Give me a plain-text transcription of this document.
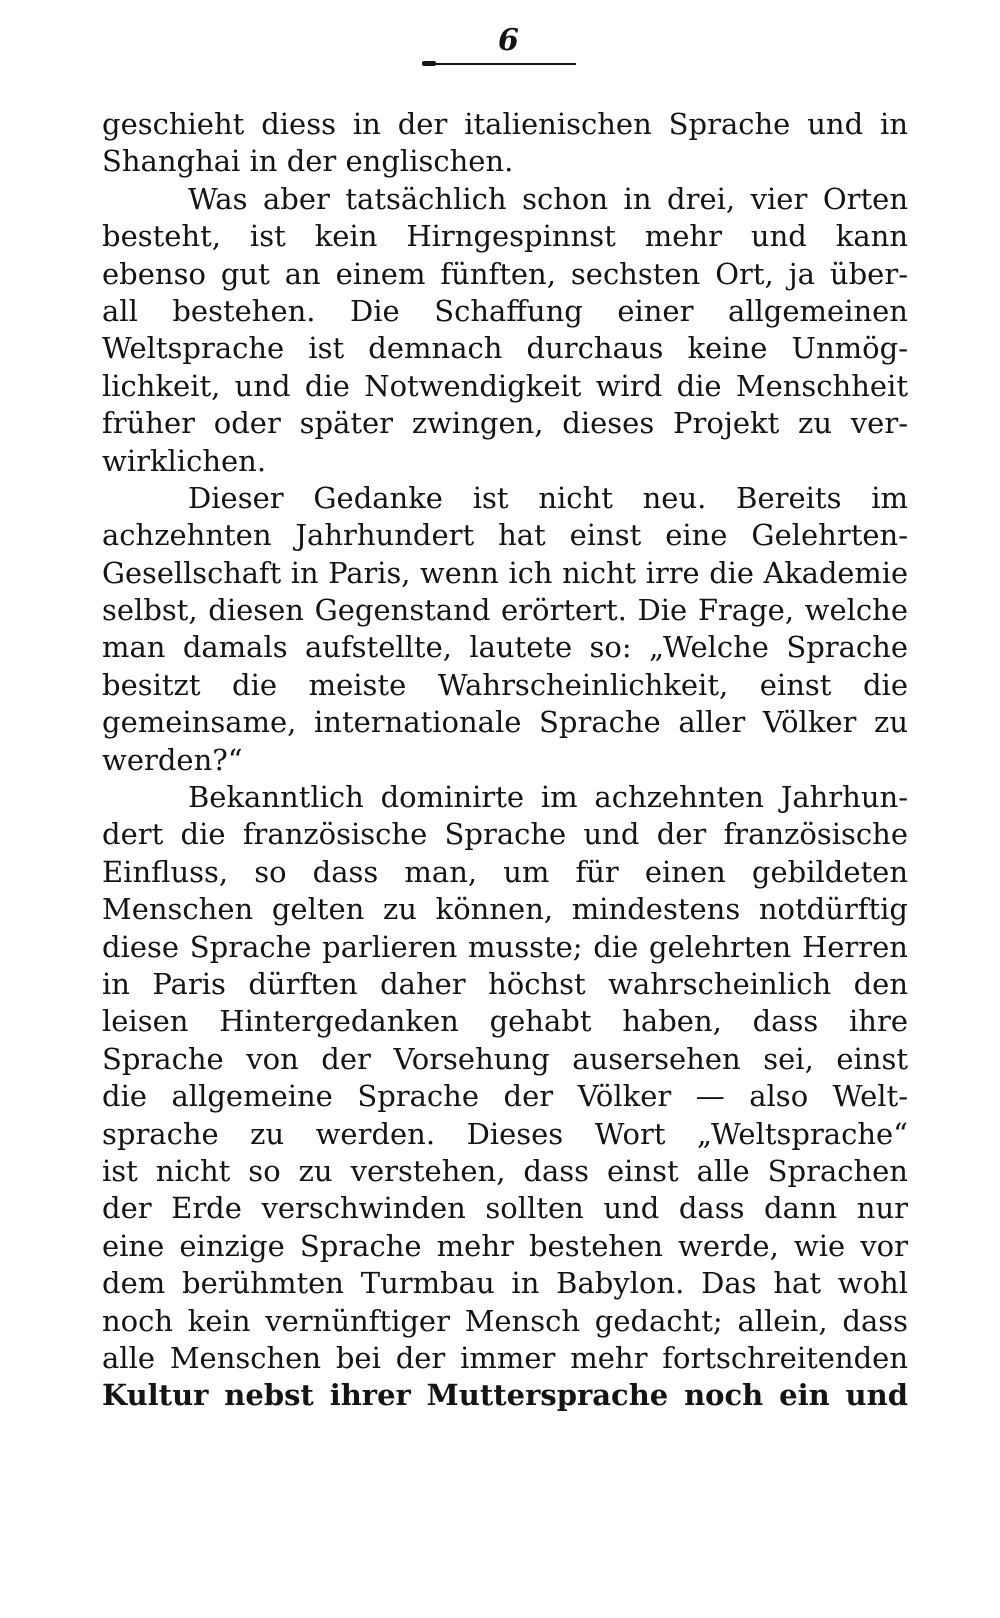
6
geschieht diess in der italienischen Sprache und in
Shanghai in der englischen.
Was aber tatsächlich schon in drei, vier Orten
besteht, ist kein Hirngespinnst mehr und kann
ebenso gut an einem fünften, sechsten Ort, ja über-
all bestehen. Die Schaffung einer allgemeinen
Weltsprache ist demnach durchaus keine Unmög-
lichkeit, und die Notwendigkeit wird die Menschheit
früher oder später zwingen, dieses Projekt zu ver-
wirklichen.
Dieser Gedanke ist nicht neu. Bereits im
achzehnten Jahrhundert hat einst eine Gelehrten-
Gesellschaft in Paris, wenn ich nicht irre die Akademie
selbst, diesen Gegenstand erörtert. Die Frage, welche
man damals aufstellte, lautete so: „Welche Sprache
besitzt die meiste Wahrscheinlichkeit, einst die
gemeinsame, internationale Sprache aller Völker zu
werden?“
Bekanntlich dominirte im achzehnten Jahrhun-
dert die französische Sprache und der französische
Einfluss, so dass man, um für einen gebildeten
Menschen gelten zu können, mindestens notdürftig
diese Sprache parlieren musste; die gelehrten Herren
in Paris dürften daher höchst wahrscheinlich den
leisen Hintergedanken gehabt haben, dass ihre
Sprache von der Vorsehung ausersehen sei, einst
die allgemeine Sprache der Völker — also Welt-
sprache zu werden. Dieses Wort „Weltsprache“
ist nicht so zu verstehen, dass einst alle Sprachen
der Erde verschwinden sollten und dass dann nur
eine einzige Sprache mehr bestehen werde, wie vor
dem berühmten Turmbau in Babylon. Das hat wohl
noch kein vernünftiger Mensch gedacht; allein, dass
alle Menschen bei der immer mehr fortschreitenden
Kultur nebst ihrer Muttersprache noch ein und
